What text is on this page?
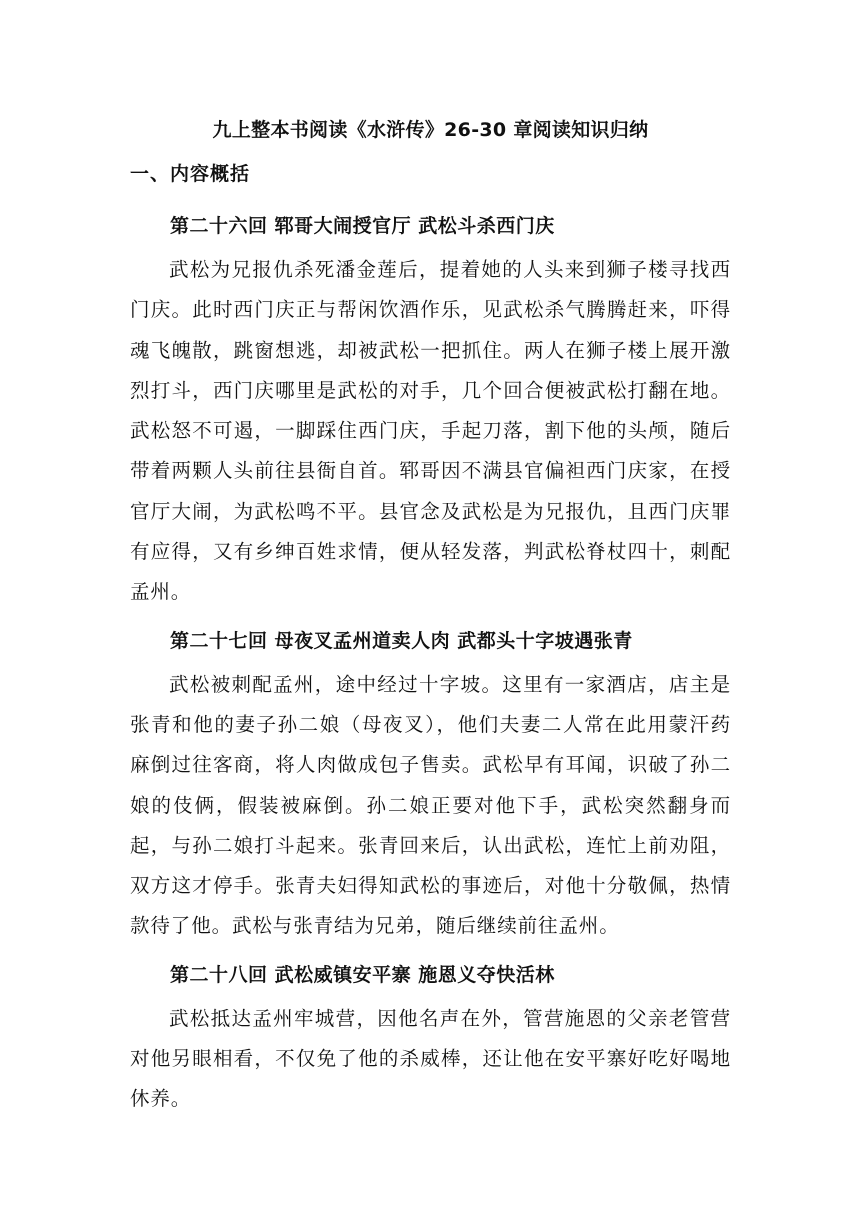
九上整本书阅读《水浒传》26-30 章阅读知识归纳
一、内容概括
第二十六回 郓哥大闹授官厅 武松斗杀西门庆

武松为兄报仇杀死潘金莲后，提着她的人头来到狮子楼寻找西门庆。此时西门庆正与帮闲饮酒作乐，见武松杀气腾腾赶来，吓得魂飞魄散，跳窗想逃，却被武松一把抓住。两人在狮子楼上展开激烈打斗，西门庆哪里是武松的对手，几个回合便被武松打翻在地。武松怒不可遏，一脚踩住西门庆，手起刀落，割下他的头颅，随后带着两颗人头前往县衙自首。郓哥因不满县官偏袒西门庆家，在授官厅大闹，为武松鸣不平。县官念及武松是为兄报仇，且西门庆罪有应得，又有乡绅百姓求情，便从轻发落，判武松脊杖四十，刺配孟州。

第二十七回 母夜叉孟州道卖人肉 武都头十字坡遇张青

武松被刺配孟州，途中经过十字坡。这里有一家酒店，店主是张青和他的妻子孙二娘（母夜叉），他们夫妻二人常在此用蒙汗药麻倒过往客商，将人肉做成包子售卖。武松早有耳闻，识破了孙二娘的伎俩，假装被麻倒。孙二娘正要对他下手，武松突然翻身而起，与孙二娘打斗起来。张青回来后，认出武松，连忙上前劝阻，双方这才停手。张青夫妇得知武松的事迹后，对他十分敬佩，热情款待了他。武松与张青结为兄弟，随后继续前往孟州。

第二十八回 武松威镇安平寨 施恩义夺快活林

武松抵达孟州牢城营，因他名声在外，管营施恩的父亲老管营对他另眼相看，不仅免了他的杀威棒，还让他在安平寨好吃好喝地休养。
